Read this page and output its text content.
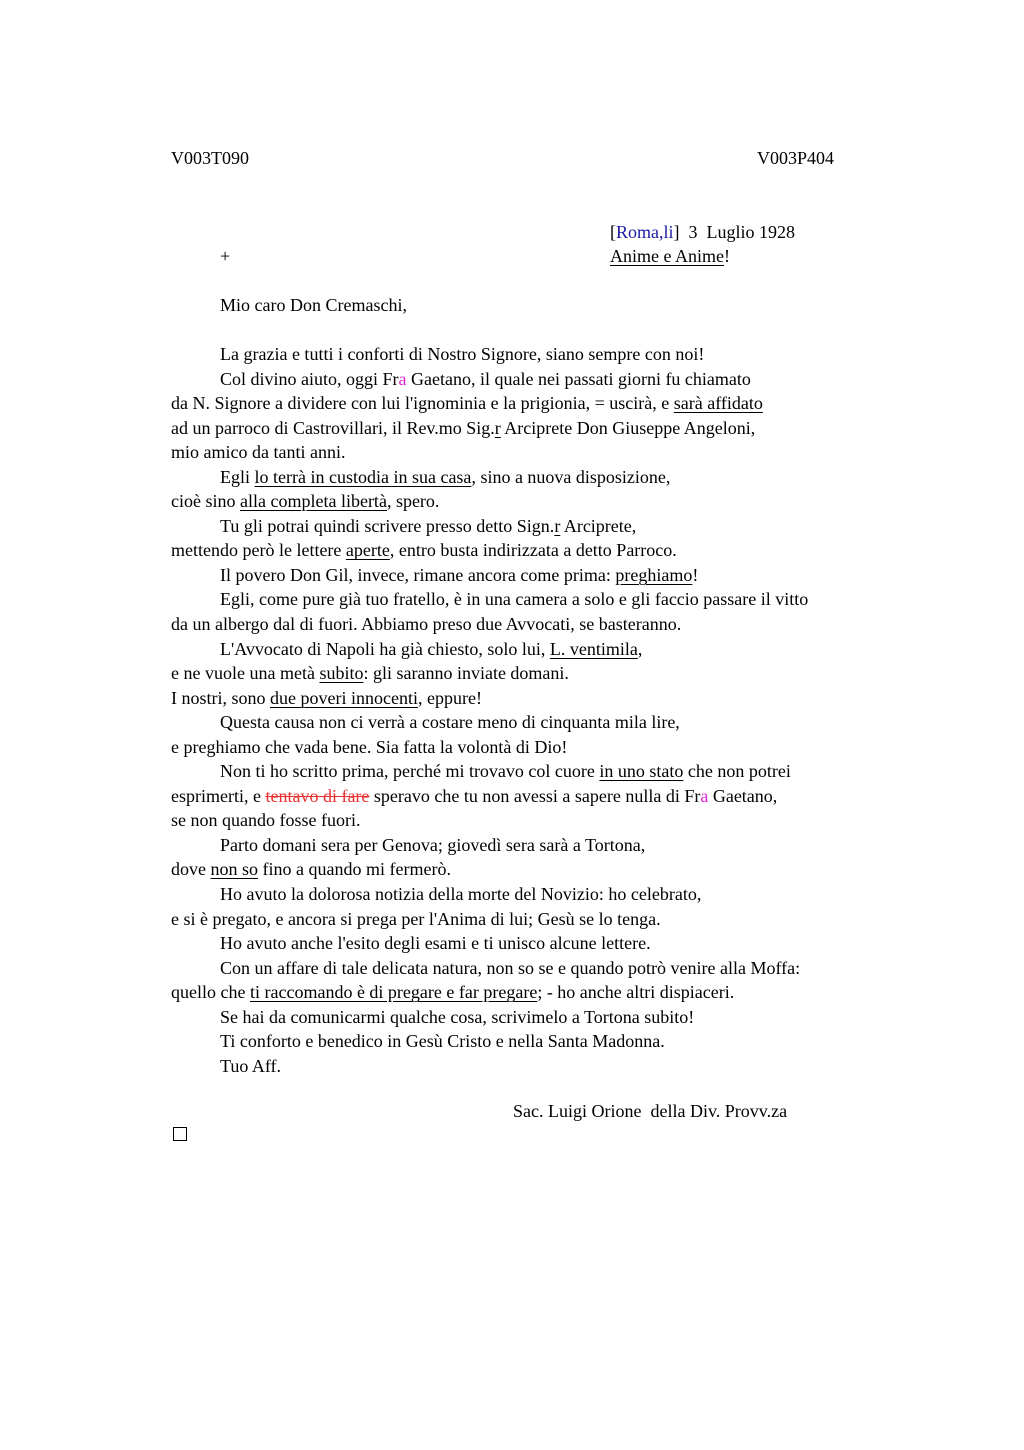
V003T090	V003P404
[Roma,li]  3  Luglio 1928
+	Anime e Anime!
Mio caro Don Cremaschi,
La grazia e tutti i conforti di Nostro Signore, siano sempre con noi!
Col divino aiuto, oggi Fra Gaetano, il quale nei passati giorni fu chiamato
da N. Signore a dividere con lui l'ignominia e la prigionia, = uscirà, e sarà affidato
ad un parroco di Castrovillari, il Rev.mo Sig.r Arciprete Don Giuseppe Angeloni,
mio amico da tanti anni.
Egli lo terrà in custodia in sua casa, sino a nuova disposizione,
cioè sino alla completa libertà, spero.
Tu gli potrai quindi scrivere presso detto Sign.r Arciprete,
mettendo però le lettere aperte, entro busta indirizzata a detto Parroco.
Il povero Don Gil, invece, rimane ancora come prima: preghiamo!
Egli, come pure già tuo fratello, è in una camera a solo e gli faccio passare il vitto
da un albergo dal di fuori. Abbiamo preso due Avvocati, se basteranno.
L'Avvocato di Napoli ha già chiesto, solo lui, L. ventimila,
e ne vuole una metà subito: gli saranno inviate domani.
I nostri, sono due poveri innocenti, eppure!
Questa causa non ci verrà a costare meno di cinquanta mila lire,
e preghiamo che vada bene. Sia fatta la volontà di Dio!
Non ti ho scritto prima, perché mi trovavo col cuore in uno stato che non potrei
esprimerti, e tentavo di fare speravo che tu non avessi a sapere nulla di Fra Gaetano,
se non quando fosse fuori.
Parto domani sera per Genova; giovedì sera sarà a Tortona,
dove non so fino a quando mi fermerò.
Ho avuto la dolorosa notizia della morte del Novizio: ho celebrato,
e si è pregato, e ancora si prega per l'Anima di lui; Gesù se lo tenga.
Ho avuto anche l'esito degli esami e ti unisco alcune lettere.
Con un affare di tale delicata natura, non so se e quando potrò venire alla Moffa:
quello che ti raccomando è di pregare e far pregare; - ho anche altri dispiaceri.
Se hai da comunicarmi qualche cosa, scrivimelo a Tortona subito!
Ti conforto e benedico in Gesù Cristo e nella Santa Madonna.
Tuo Aff.
Sac. Luigi Orione  della Div. Provv.za
